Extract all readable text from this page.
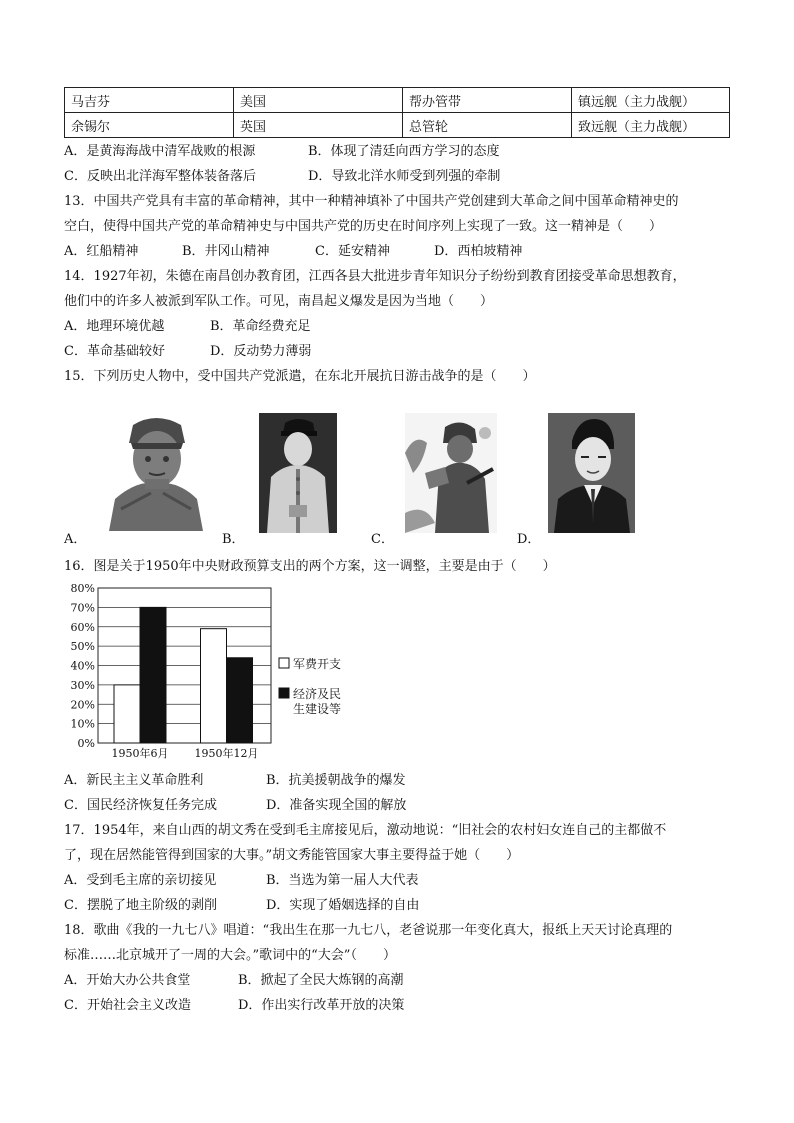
马吉芬	美国	帮办管带	镇远舰（主力战舰）
余锡尔	英国	总管轮	致远舰（主力战舰）
A．是黄海海战中清军战败的根源	B．体现了清廷向西方学习的态度
C．反映出北洋海军整体装备落后	D．导致北洋水师受到列强的牵制
13．中国共产党具有丰富的革命精神，其中一种精神填补了中国共产党创建到大革命之间中国革命精神史的
空白，使得中国共产党的革命精神史与中国共产党的历史在时间序列上实现了一致。这一精神是（　　）
A．红船精神	B．井冈山精神	C．延安精神	D．西柏坡精神
14．1927年初，朱德在南昌创办教育团，江西各县大批进步青年知识分子纷纷到教育团接受革命思想教育，
他们中的许多人被派到军队工作。可见，南昌起义爆发是因为当地（　　）
A．地理环境优越	B．革命经费充足
C．革命基础较好	D．反动势力薄弱
15．下列历史人物中，受中国共产党派遣，在东北开展抗日游击战争的是（　　）
A．	B．	C．	D．
16．图是关于1950年中央财政预算支出的两个方案，这一调整，主要是由于（　　）
0%
10%
20%
30%
40%
50%
60%
70%
80%
1950年6月 1950年12月
军费开支
经济及民
生建设等
A．新民主主义革命胜利	B．抗美援朝战争的爆发
C．国民经济恢复任务完成	D．准备实现全国的解放
17．1954年，来自山西的胡文秀在受到毛主席接见后，激动地说：“旧社会的农村妇女连自己的主都做不
了，现在居然能管得到国家的大事。”胡文秀能管国家大事主要得益于她（　　）
A．受到毛主席的亲切接见	B．当选为第一届人大代表
C．摆脱了地主阶级的剥削	D．实现了婚姻选择的自由
18．歌曲《我的一九七八》唱道：“我出生在那一九七八，老爸说那一年变化真大，报纸上天天讨论真理的
标准……北京城开了一周的大会。”歌词中的“大会”（　　）
A．开始大办公共食堂	B．掀起了全民大炼钢的高潮
C．开始社会主义改造	D．作出实行改革开放的决策
